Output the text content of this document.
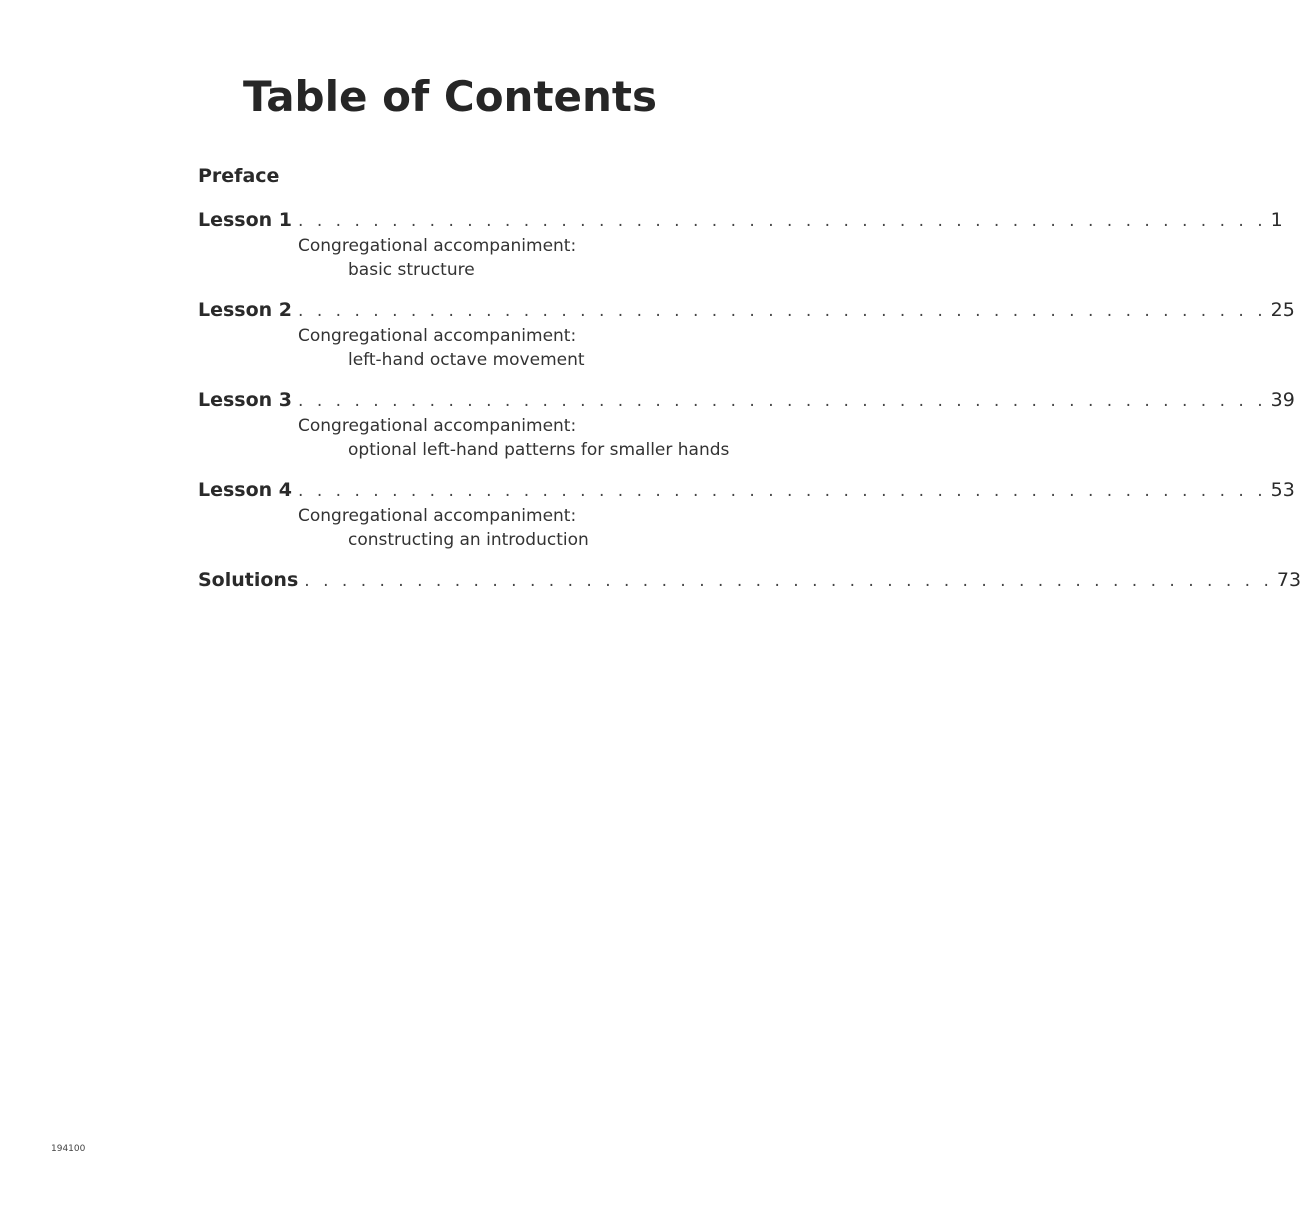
Table of Contents
Preface
Lesson 1 . . . . . . . . . . . . . . . . . . . . . . . . . . . . . . . . . . . . . . . . . . . . . . . . . . . . 1
Congregational accompaniment:
basic structure
Lesson 2 . . . . . . . . . . . . . . . . . . . . . . . . . . . . . . . . . . . . . . . . . . . . . . . . . . . . 25
Congregational accompaniment:
left-hand octave movement
Lesson 3 . . . . . . . . . . . . . . . . . . . . . . . . . . . . . . . . . . . . . . . . . . . . . . . . . . . . 39
Congregational accompaniment:
optional left-hand patterns for smaller hands
Lesson 4 . . . . . . . . . . . . . . . . . . . . . . . . . . . . . . . . . . . . . . . . . . . . . . . . . . . . 53
Congregational accompaniment:
constructing an introduction
Solutions . . . . . . . . . . . . . . . . . . . . . . . . . . . . . . . . . . . . . . . . . . . . . . . . . . . . 73
194100
